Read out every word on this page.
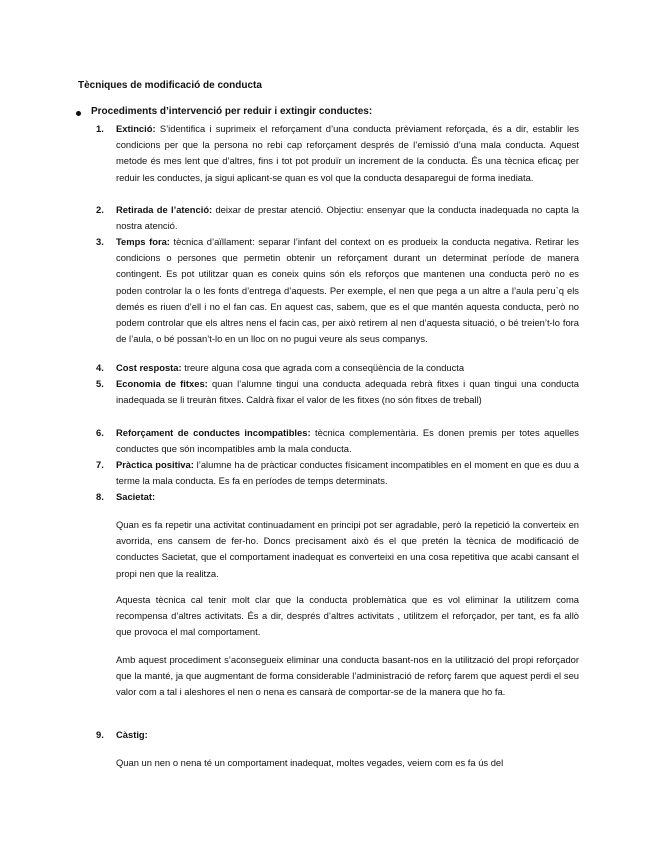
Tècniques de modificació de conducta
Procediments d’intervenció per reduir i extingir conductes:
1. Extinció: S’identifica i suprimeix el reforçament d’una conducta prèviament reforçada, és a dir, establir les condicions per que la persona no rebi cap reforçament després de l’emissió d’una mala conducta. Aquest metode és mes lent que d’altres, fins i tot pot produïr un increment de la conducta. És una tècnica eficaç per reduir les conductes, ja sigui aplicant-se quan es vol que la conducta desaparegui de forma inediata.
2. Retirada de l’atenció: deixar de prestar atenció. Objectiu: ensenyar que la conducta inadequada no capta la nostra atenció.
3. Temps fora: tècnica d’aïllament: separar l’infant del context on es produeix la conducta negativa. Retirar les condicions o persones que permetin obtenir un reforçament durant un determinat període de manera contingent. Es pot utilitzar quan es coneix quins són els reforços que mantenen una conducta però no es poden controlar la o les fonts d’entrega d’aquests. Per exemple, el nen que pega a un altre a l’aula peru`q els demés es riuen d’ell i no el fan cas. En aquest cas, sabem, que es el que mantén aquesta conducta, però no podem controlar que els altres nens el facin cas, per això retirem al nen d’aquesta situació, o bé treien’t-lo fora de l’aula, o bé possan’t-lo en un lloc on no pugui veure als seus companys.
4. Cost resposta: treure alguna cosa que agrada com a conseqüència de la conducta
5. Economia de fitxes: quan l’alumne tingui una conducta adequada rebrà fitxes i quan tingui una conducta inadequada se li treuràn fitxes. Caldrà fixar el valor de les fitxes (no són fitxes de treball)
6. Reforçament de conductes incompatibles: tècnica complementària. Es donen premis per totes aquelles conductes que són incompatibles amb la mala conducta.
7. Pràctica positiva: l’alumne ha de pràcticar conductes físicament incompatibles en el moment en que es duu a terme la mala conducta. Es fa en períodes de temps determinats.
8. Sacietat:
Quan es fa repetir una activitat continuadament en principi pot ser agradable, però la repetició la converteix en avorrida, ens cansem de fer-ho. Doncs precisament això és el que pretén la tècnica de modificació de conductes Sacietat, que el comportament inadequat es converteixi en una cosa repetitiva que acabi cansant el propi nen que la realitza.
Aquesta tècnica cal tenir molt clar que la conducta problemàtica que es vol eliminar la utilitzem coma recompensa d’altres activitats. És a dir, després d’altres activitats , utilitzem el reforçador, per tant, es fa allò que provoca el mal comportament.
Amb aquest procediment s’aconsegueix eliminar una conducta basant-nos en la utilització del propi reforçador que la manté, ja que augmentant de forma considerable l’administració de reforç farem que aquest perdi el seu valor com a tal i aleshores el nen o nena es cansarà de comportar-se de la manera que ho fa.
9. Càstig:
Quan un nen o nena té un comportament inadequat, moltes vegades, veiem com es fa ús del
